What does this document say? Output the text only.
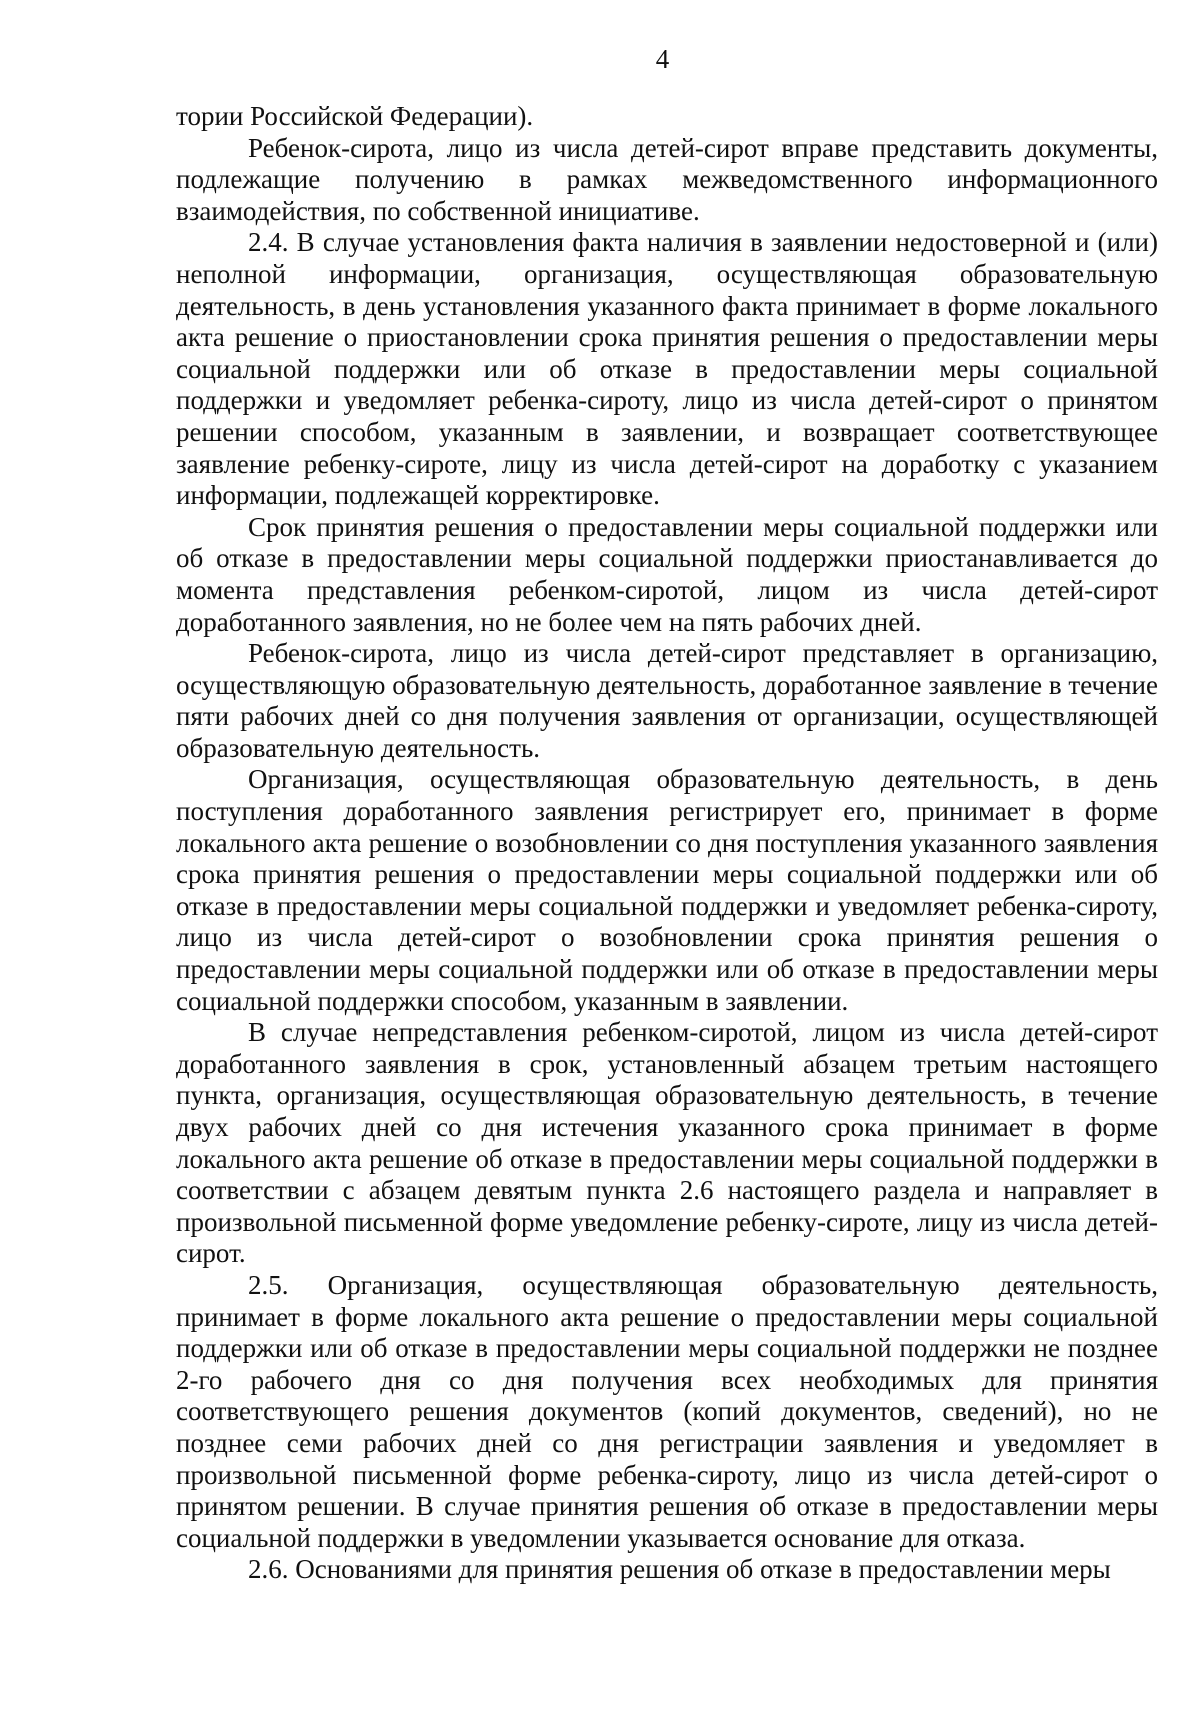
4

тории Российской Федерации).

Ребенок-сирота, лицо из числа детей-сирот вправе представить документы, подлежащие получению в рамках межведомственного информационного взаимодействия, по собственной инициативе.

2.4. В случае установления факта наличия в заявлении недостоверной и (или) неполной информации, организация, осуществляющая образовательную деятельность, в день установления указанного факта принимает в форме локального акта решение о приостановлении срока принятия решения о предоставлении меры социальной поддержки или об отказе в предоставлении меры социальной поддержки и уведомляет ребенка-сироту, лицо из числа детей-сирот о принятом решении способом, указанным в заявлении, и возвращает соответствующее заявление ребенку-сироте, лицу из числа детей-сирот на доработку с указанием информации, подлежащей корректировке.

Срок принятия решения о предоставлении меры социальной поддержки или об отказе в предоставлении меры социальной поддержки приостанавливается до момента представления ребенком-сиротой, лицом из числа детей-сирот доработанного заявления, но не более чем на пять рабочих дней.

Ребенок-сирота, лицо из числа детей-сирот представляет в организацию, осуществляющую образовательную деятельность, доработанное заявление в течение пяти рабочих дней со дня получения заявления от организации, осуществляющей образовательную деятельность.

Организация, осуществляющая образовательную деятельность, в день поступления доработанного заявления регистрирует его, принимает в форме локального акта решение о возобновлении со дня поступления указанного заявления срока принятия решения о предоставлении меры социальной поддержки или об отказе в предоставлении меры социальной поддержки и уведомляет ребенка-сироту, лицо из числа детей-сирот о возобновлении срока принятия решения о предоставлении меры социальной поддержки или об отказе в предоставлении меры социальной поддержки способом, указанным в заявлении.

В случае непредставления ребенком-сиротой, лицом из числа детей-сирот доработанного заявления в срок, установленный абзацем третьим настоящего пункта, организация, осуществляющая образовательную деятельность, в течение двух рабочих дней со дня истечения указанного срока принимает в форме локального акта решение об отказе в предоставлении меры социальной поддержки в соответствии с абзацем девятым пункта 2.6 настоящего раздела и направляет в произвольной письменной форме уведомление ребенку-сироте, лицу из числа детей-сирот.

2.5. Организация, осуществляющая образовательную деятельность, принимает в форме локального акта решение о предоставлении меры социальной поддержки или об отказе в предоставлении меры социальной поддержки не позднее 2-го рабочего дня со дня получения всех необходимых для принятия соответствующего решения документов (копий документов, сведений), но не позднее семи рабочих дней со дня регистрации заявления и уведомляет в произвольной письменной форме ребенка-сироту, лицо из числа детей-сирот о принятом решении. В случае принятия решения об отказе в предоставлении меры социальной поддержки в уведомлении указывается основание для отказа.

2.6. Основаниями для принятия решения об отказе в предоставлении меры
